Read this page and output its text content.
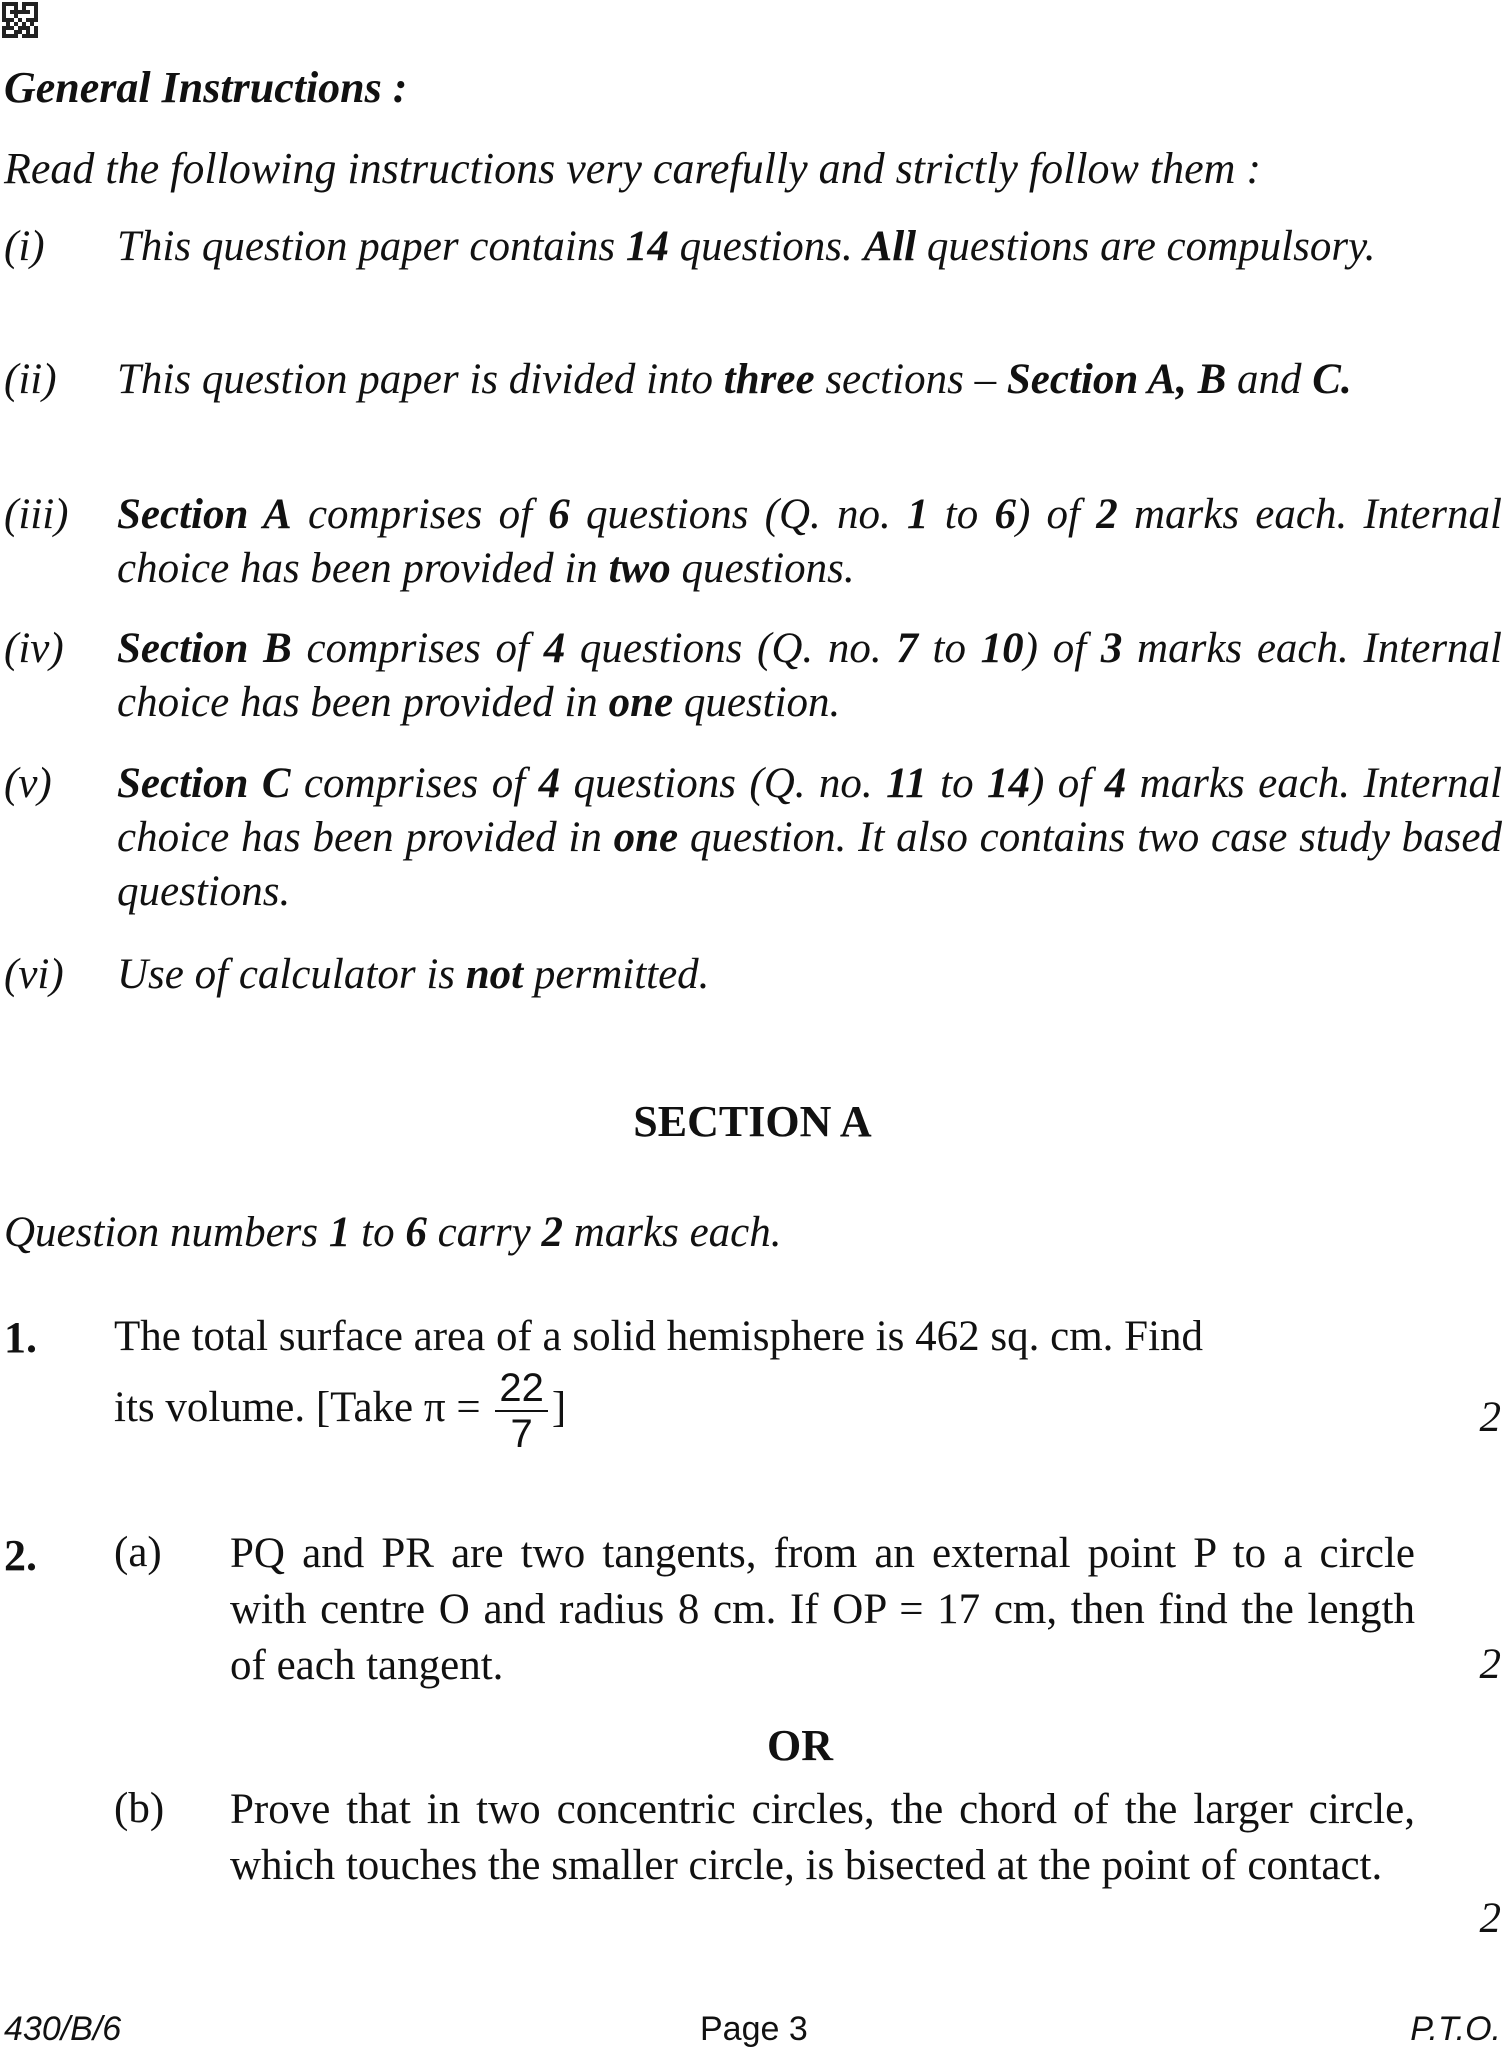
General Instructions :
Read the following instructions very carefully and strictly follow them :
(i) This question paper contains 14 questions. All questions are compulsory.
(ii) This question paper is divided into three sections – Section A, B and C.
(iii) Section A comprises of 6 questions (Q. no. 1 to 6) of 2 marks each. Internal choice has been provided in two questions.
(iv) Section B comprises of 4 questions (Q. no. 7 to 10) of 3 marks each. Internal choice has been provided in one question.
(v) Section C comprises of 4 questions (Q. no. 11 to 14) of 4 marks each. Internal choice has been provided in one question. It also contains two case study based questions.
(vi) Use of calculator is not permitted.
SECTION A
Question numbers 1 to 6 carry 2 marks each.
1. The total surface area of a solid hemisphere is 462 sq. cm. Find
its volume. [Take $\pi = \frac{22}{7}$ ]	2
2. (a) PQ and PR are two tangents, from an external point P to a circle with centre O and radius 8 cm. If OP = 17 cm, then find the length of each tangent.	2
OR
(b) Prove that in two concentric circles, the chord of the larger circle, which touches the smaller circle, is bisected at the point of contact.
2
430/B/6	Page 3	P.T.O.
